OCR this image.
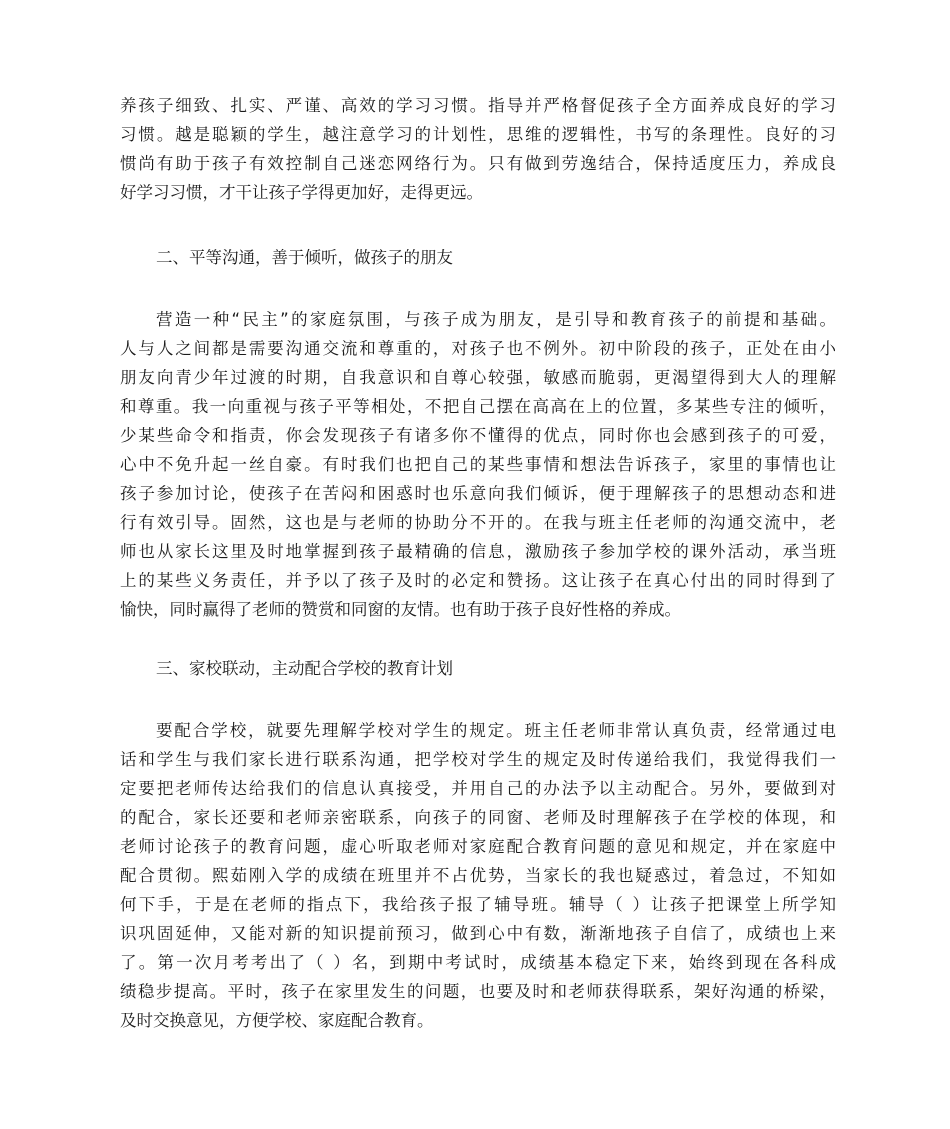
养孩子细致、扎实、严谨、高效的学习习惯。指导并严格督促孩子全方面养成良好的学习
习惯。越是聪颖的学生，越注意学习的计划性，思维的逻辑性，书写的条理性。良好的习
惯尚有助于孩子有效控制自己迷恋网络行为。只有做到劳逸结合，保持适度压力，养成良
好学习习惯，才干让孩子学得更加好，走得更远。
二、平等沟通，善于倾听，做孩子的朋友
营造一种“民主”的家庭氛围，与孩子成为朋友，是引导和教育孩子的前提和基础。
人与人之间都是需要沟通交流和尊重的，对孩子也不例外。初中阶段的孩子，正处在由小
朋友向青少年过渡的时期，自我意识和自尊心较强，敏感而脆弱，更渴望得到大人的理解
和尊重。我一向重视与孩子平等相处，不把自己摆在高高在上的位置，多某些专注的倾听，
少某些命令和指责，你会发现孩子有诸多你不懂得的优点，同时你也会感到孩子的可爱，
心中不免升起一丝自豪。有时我们也把自己的某些事情和想法告诉孩子，家里的事情也让
孩子参加讨论，使孩子在苦闷和困惑时也乐意向我们倾诉，便于理解孩子的思想动态和进
行有效引导。固然，这也是与老师的协助分不开的。在我与班主任老师的沟通交流中，老
师也从家长这里及时地掌握到孩子最精确的信息，激励孩子参加学校的课外活动，承当班
上的某些义务责任，并予以了孩子及时的必定和赞扬。这让孩子在真心付出的同时得到了
愉快，同时赢得了老师的赞赏和同窗的友情。也有助于孩子良好性格的养成。
三、家校联动，主动配合学校的教育计划
要配合学校，就要先理解学校对学生的规定。班主任老师非常认真负责，经常通过电
话和学生与我们家长进行联系沟通，把学校对学生的规定及时传递给我们，我觉得我们一
定要把老师传达给我们的信息认真接受，并用自己的办法予以主动配合。另外，要做到对
的配合，家长还要和老师亲密联系，向孩子的同窗、老师及时理解孩子在学校的体现，和
老师讨论孩子的教育问题，虚心听取老师对家庭配合教育问题的意见和规定，并在家庭中
配合贯彻。熙茹刚入学的成绩在班里并不占优势，当家长的我也疑惑过，着急过，不知如
何下手，于是在老师的指点下，我给孩子报了辅导班。辅导（ ）让孩子把课堂上所学知
识巩固延伸，又能对新的知识提前预习，做到心中有数，渐渐地孩子自信了，成绩也上来
了。第一次月考考出了（ ）名，到期中考试时，成绩基本稳定下来，始终到现在各科成
绩稳步提高。平时，孩子在家里发生的问题，也要及时和老师获得联系，架好沟通的桥梁，
及时交换意见，方便学校、家庭配合教育。
